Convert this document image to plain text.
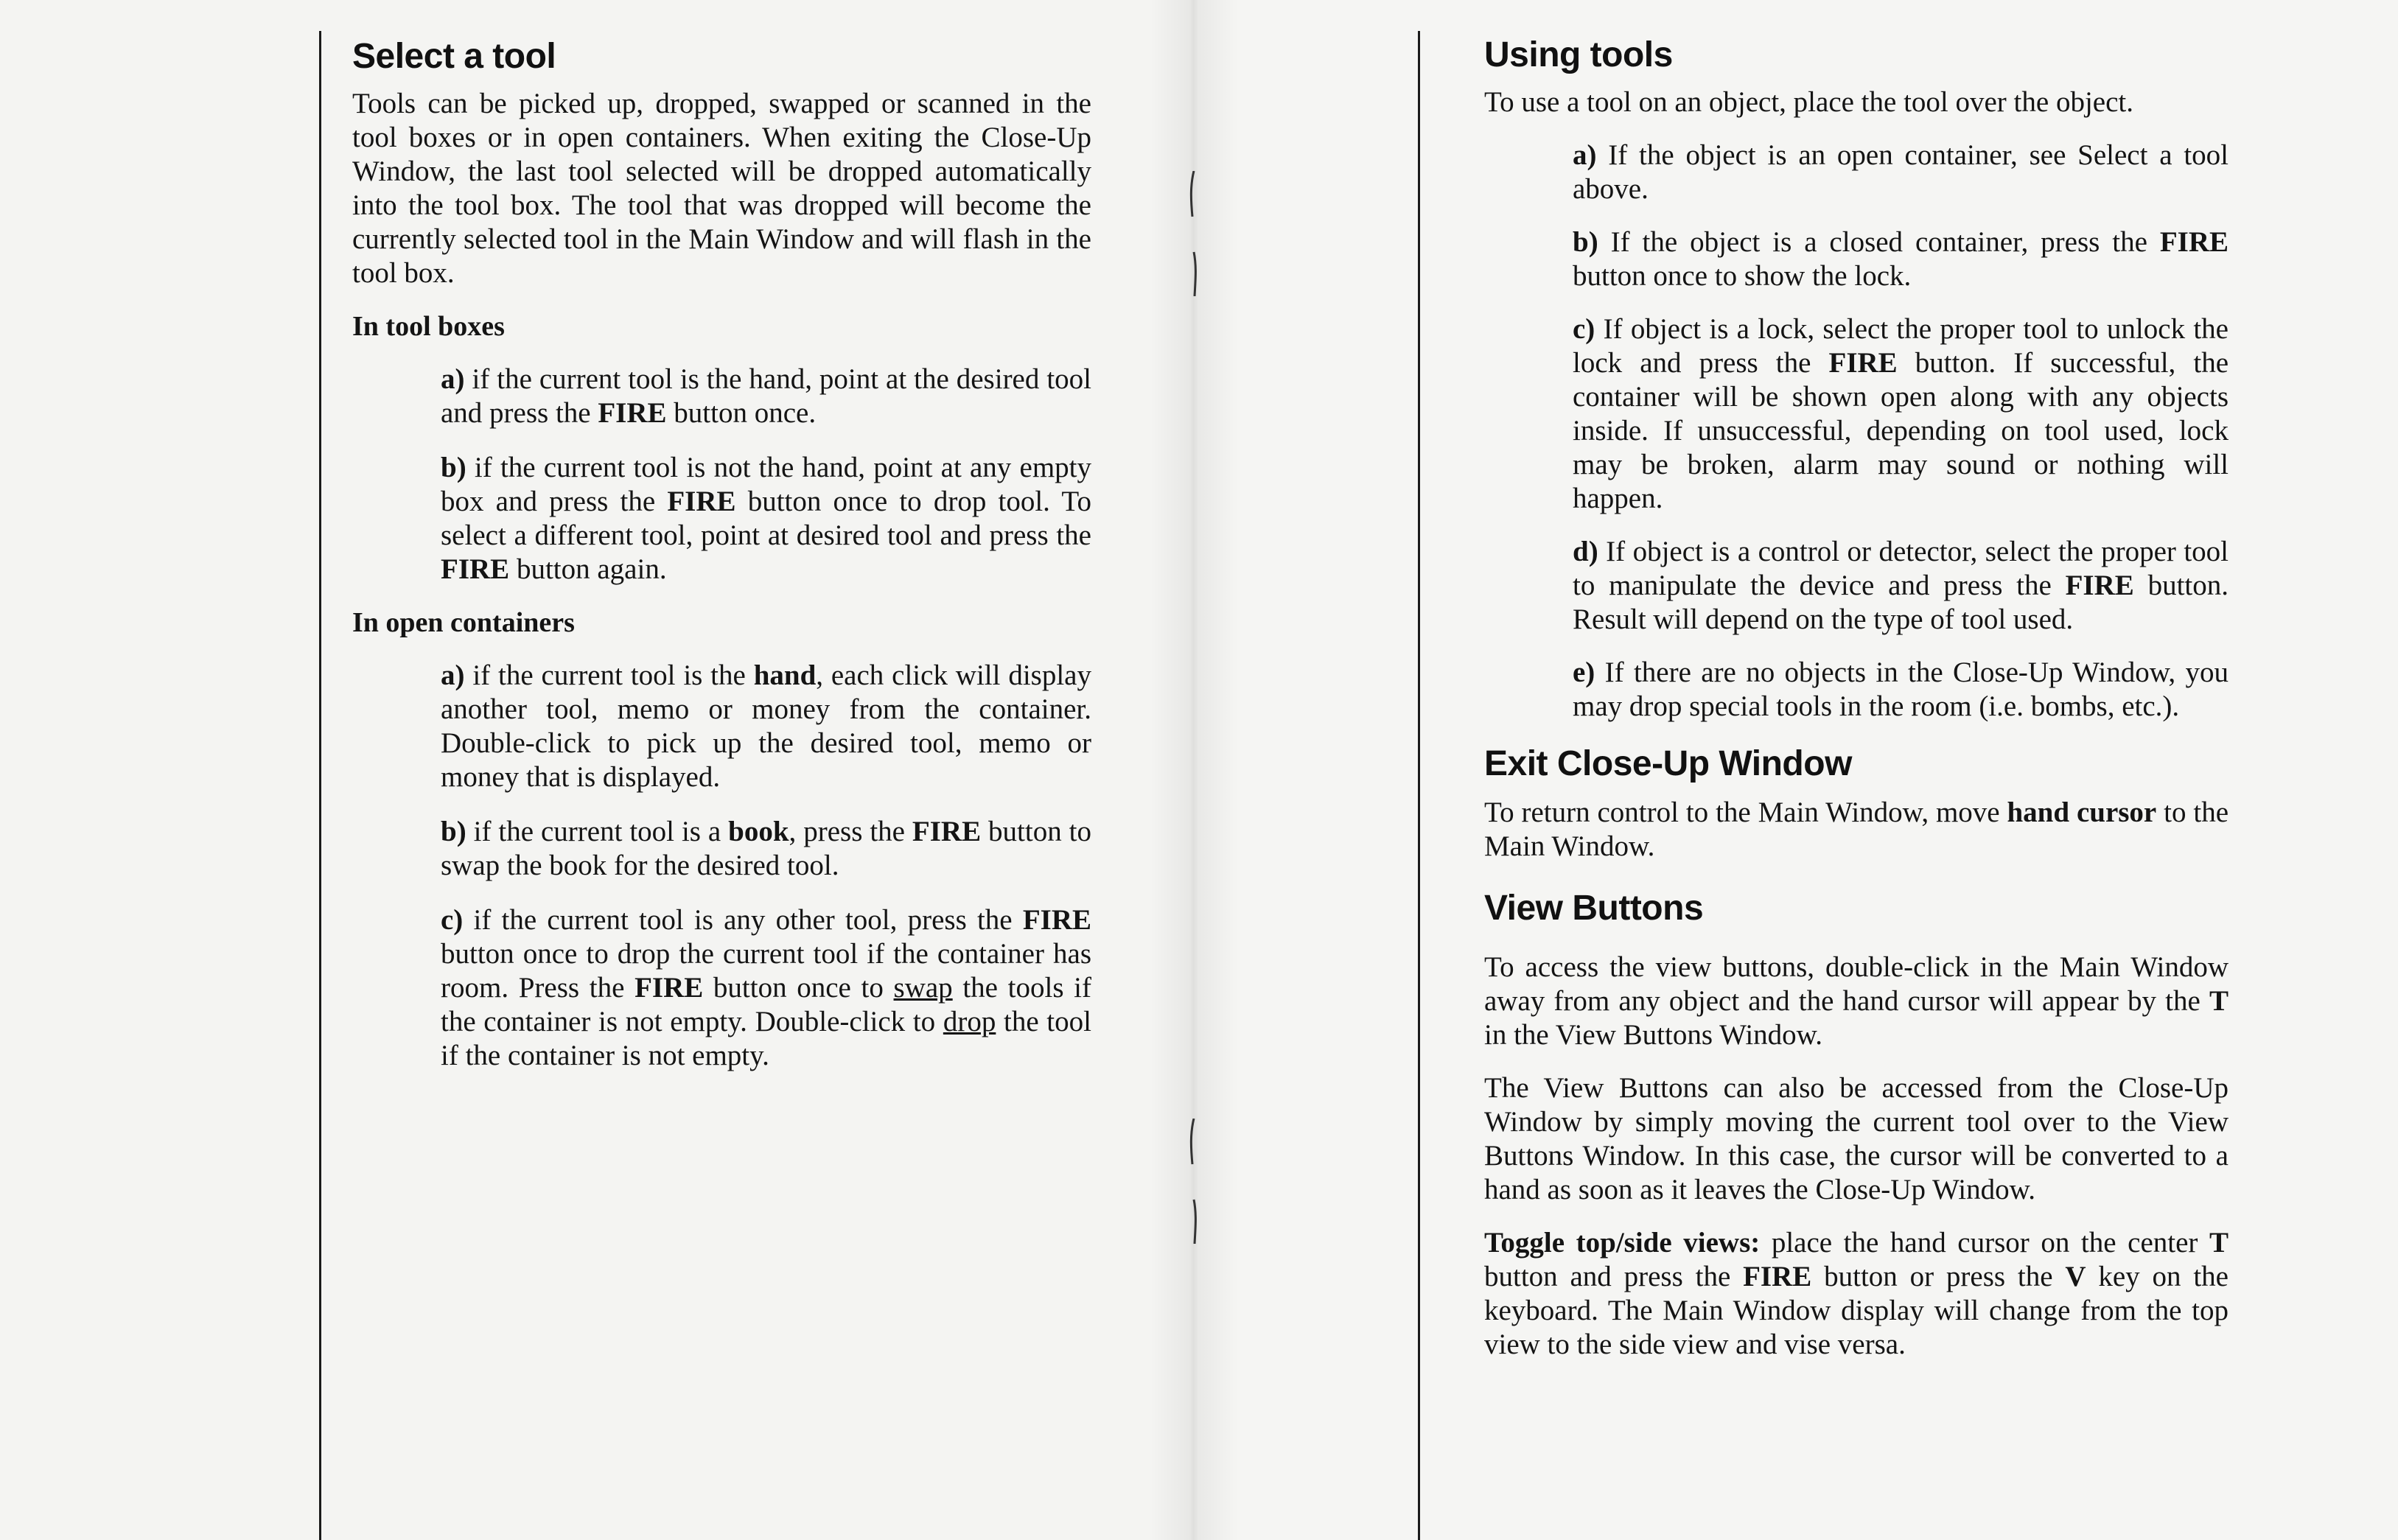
Select a tool

Tools can be picked up, dropped, swapped or scanned in the tool boxes or in open containers. When exiting the Close-Up Window, the last tool selected will be dropped automatically into the tool box. The tool that was dropped will become the currently selected tool in the Main Window and will flash in the tool box.

In tool boxes

a) if the current tool is the hand, point at the desired tool and press the FIRE button once.

b) if the current tool is not the hand, point at any empty box and press the FIRE button once to drop tool. To select a different tool, point at desired tool and press the FIRE button again.

In open containers

a) if the current tool is the hand, each click will display another tool, memo or money from the container. Double-click to pick up the desired tool, memo or money that is displayed.

b) if the current tool is a book, press the FIRE button to swap the book for the desired tool.

c) if the current tool is any other tool, press the FIRE button once to drop the current tool if the container has room. Press the FIRE button once to swap the tools if the container is not empty. Double-click to drop the tool if the container is not empty.

Using tools

To use a tool on an object, place the tool over the object.

a) If the object is an open container, see Select a tool above.

b) If the object is a closed container, press the FIRE button once to show the lock.

c) If object is a lock, select the proper tool to unlock the lock and press the FIRE button. If successful, the container will be shown open along with any objects inside. If unsuccessful, depending on tool used, lock may be broken, alarm may sound or nothing will happen.

d) If object is a control or detector, select the proper tool to manipulate the device and press the FIRE button. Result will depend on the type of tool used.

e) If there are no objects in the Close-Up Window, you may drop special tools in the room (i.e. bombs, etc.).

Exit Close-Up Window

To return control to the Main Window, move hand cursor to the Main Window.

View Buttons

To access the view buttons, double-click in the Main Window away from any object and the hand cursor will appear by the T in the View Buttons Window.

The View Buttons can also be accessed from the Close-Up Window by simply moving the current tool over to the View Buttons Window. In this case, the cursor will be converted to a hand as soon as it leaves the Close-Up Window.

Toggle top/side views: place the hand cursor on the center T button and press the FIRE button or press the V key on the keyboard. The Main Window display will change from the top view to the side view and vise versa.
